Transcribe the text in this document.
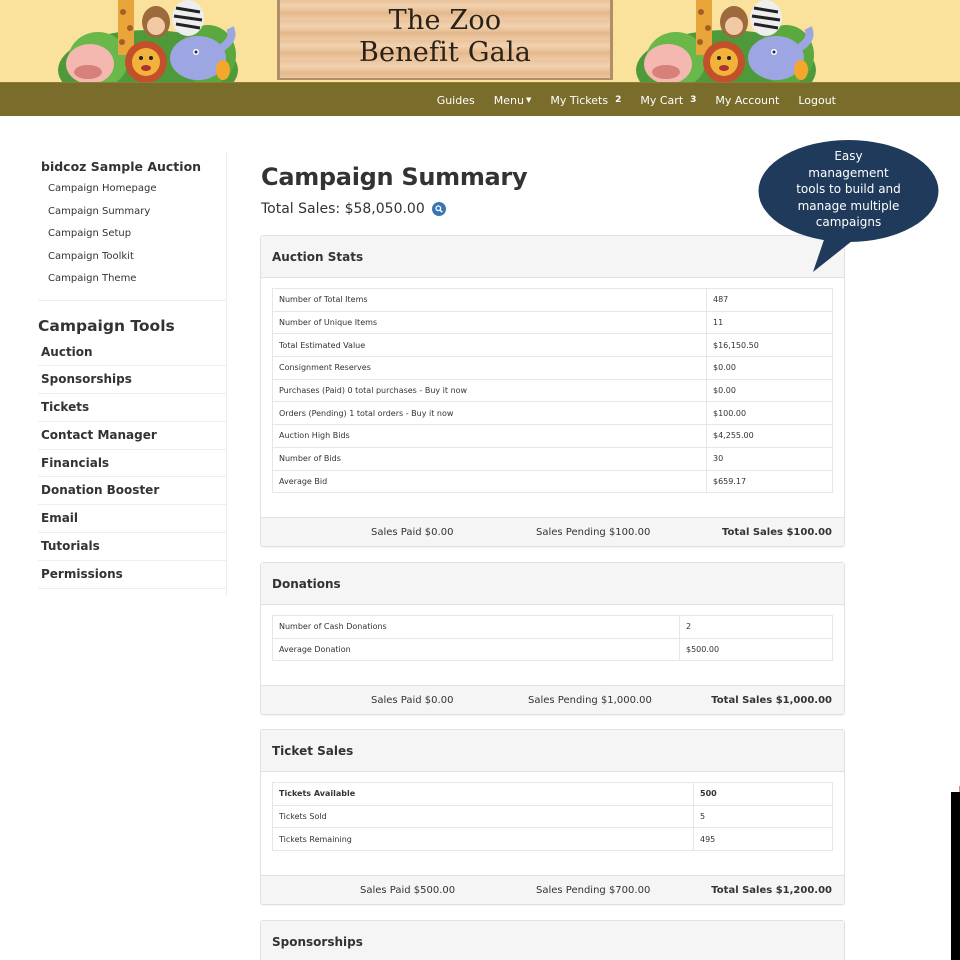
The Zoo
Benefit Gala
Guides Menu ▼ My Tickets 2 My Cart 3 My Account Logout
bidcoz Sample Auction
Campaign Homepage
Campaign Summary
Campaign Setup
Campaign Toolkit
Campaign Theme
Campaign Tools
Auction
Sponsorships
Tickets
Contact Manager
Financials
Donation Booster
Email
Tutorials
Permissions
Campaign Summary
Total Sales: $58,050.00
Auction Stats
Number of Total Items	487
Number of Unique Items	11
Total Estimated Value	$16,150.50
Consignment Reserves	$0.00
Purchases (Paid) 0 total purchases - Buy it now	$0.00
Orders (Pending) 1 total orders - Buy it now	$100.00
Auction High Bids	$4,255.00
Number of Bids	30
Average Bid	$659.17
Sales Paid $0.00	Sales Pending $100.00	Total Sales $100.00
Donations
Number of Cash Donations	2
Average Donation	$500.00
Sales Paid $0.00	Sales Pending $1,000.00	Total Sales $1,000.00
Ticket Sales
Tickets Available	500
Tickets Sold	5
Tickets Remaining	495
Sales Paid $500.00	Sales Pending $700.00	Total Sales $1,200.00
Sponsorships
Easy
management
tools to build and
manage multiple
campaigns
